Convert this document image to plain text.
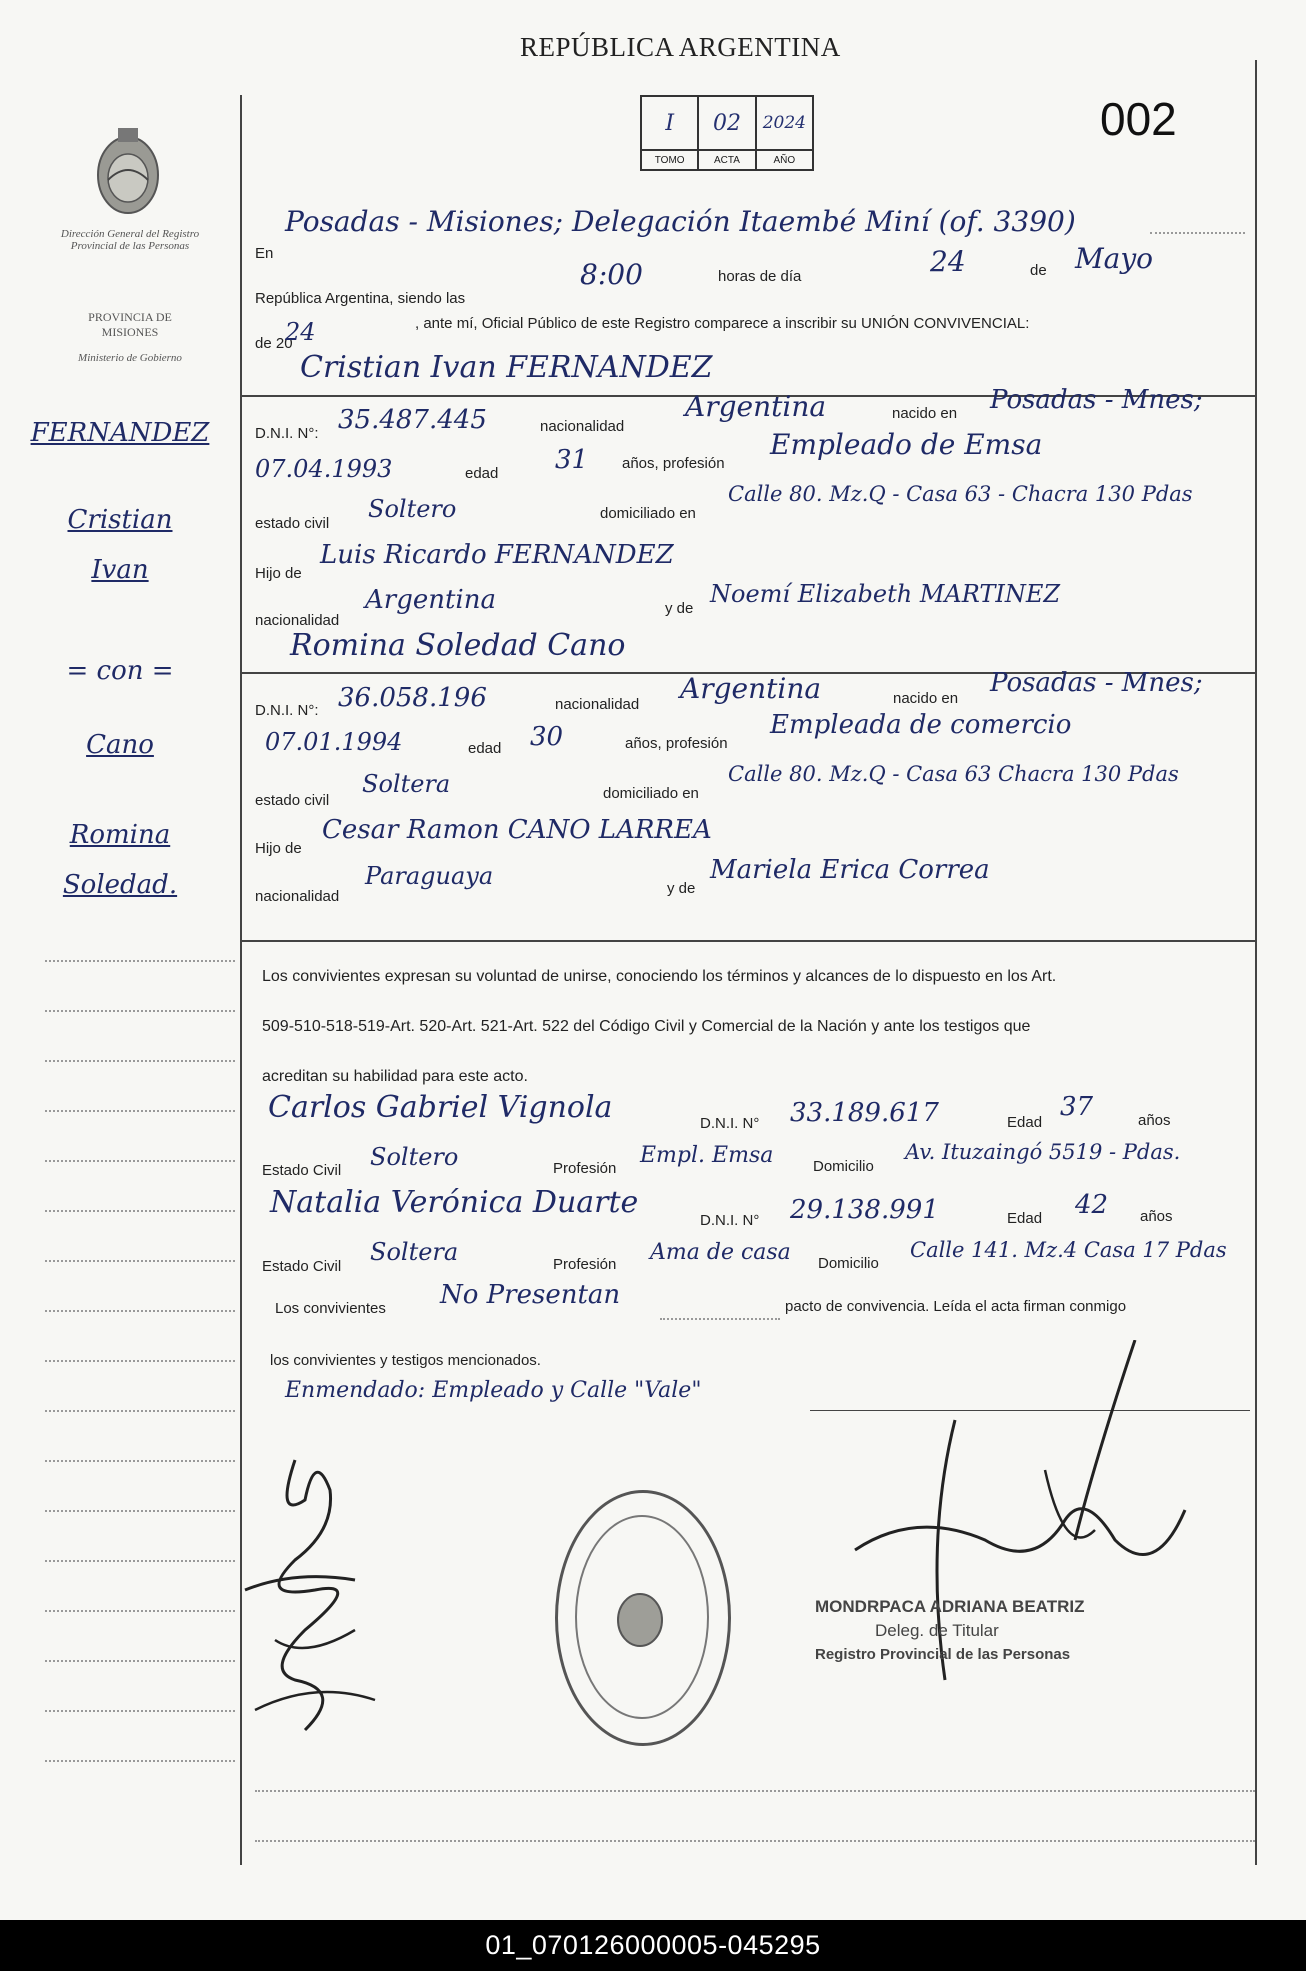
REPÚBLICA ARGENTINA
002
I
TOMO
02
ACTA
2024
AÑO
Dirección General del Registro Provincial de las Personas
PROVINCIA DE MISIONES
Ministerio de Gobierno
FERNANDEZ
Cristian
Ivan
= con =
Cano
Romina
Soledad.
En
Posadas - Misiones; Delegación Itaembé Miní (of. 3390)
República Argentina, siendo las
8:00	horas de día	24	de Mayo
de 20
24	, ante mí, Oficial Público de este Registro comparece a inscribir su UNIÓN CONVIVENCIAL:
Cristian Ivan FERNANDEZ
D.N.I. N°: 35.487.445	nacionalidad
Argentina	nacido en Posadas - Mnes;
07.04.1993	edad 31 años, profesión
Empleado de Emsa
estado civil
Soltero	domiciliado en
Calle 80. Mz.Q - Casa 63 - Chacra 130 Pdas
Hijo de
Luis Ricardo FERNANDEZ
nacionalidad
Argentina	y de
Noemí Elizabeth MARTINEZ
Romina Soledad Cano
D.N.I. N°: 36.058.196	nacionalidad Argentina	nacido en
Posadas - Mnes;
07.01.1994	edad 30	años, profesión
Empleada de comercio
estado civil
Soltera	domiciliado en
Calle 80. Mz.Q - Casa 63 Chacra 130 Pdas
Hijo de
Cesar Ramon CANO LARREA
nacionalidad
Paraguaya	y de
Mariela Erica Correa
Los convivientes expresan su voluntad de unirse, conociendo los términos y alcances de lo dispuesto en los Art.
509-510-518-519-Art. 520-Art. 521-Art. 522 del Código Civil y Comercial de la Nación y ante los testigos que
acreditan su habilidad para este acto.
Carlos Gabriel Vignola	D.N.I. N° 33.189.617	Edad
37	años
Estado Civil Soltero	Profesión
Empl. Emsa	Domicilio
Av. Ituzaingó 5519 - Pdas.
Natalia Verónica Duarte
D.N.I. N° 29.138.991	Edad 42 años
Estado Civil
Soltera	Profesión Ama de casa Domicilio
Calle 141. Mz.4 Casa 17 Pdas
Los convivientes No Presentan	pacto de convivencia. Leída el acta firman conmigo
los convivientes y testigos mencionados.
Enmendado: Empleado y Calle "Vale"
MONDRPACA ADRIANA BEATRIZ
Deleg. de Titular
Registro Provincial de las Personas
01_070126000005-045295
